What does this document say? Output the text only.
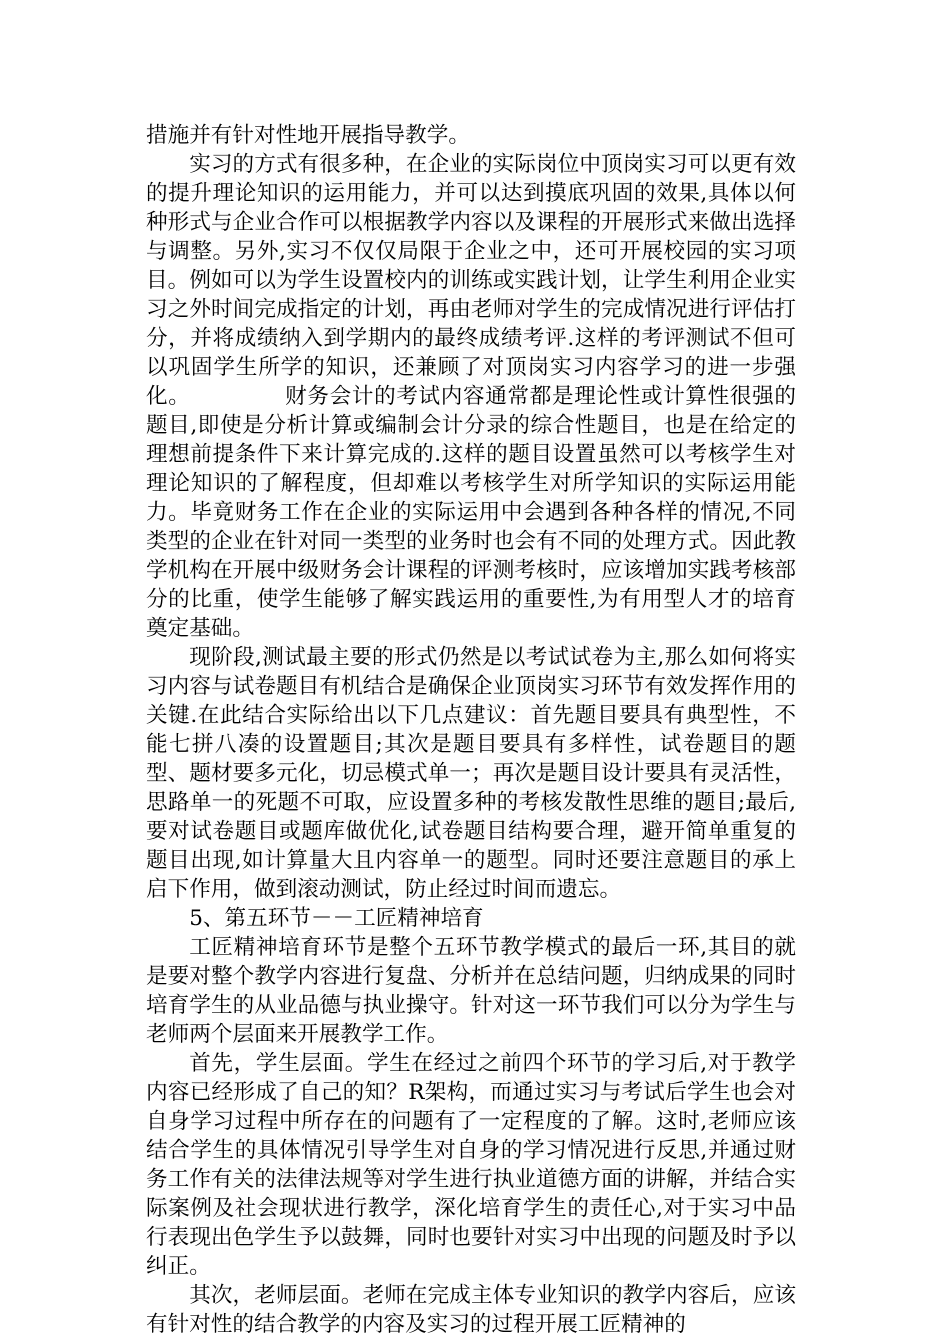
措施并有针对性地开展指导教学。

实习的方式有很多种，在企业的实际岗位中顶岗实习可以更有效的提升理论知识的运用能力，并可以达到摸底巩固的效果,具体以何种形式与企业合作可以根据教学内容以及课程的开展形式来做出选择与调整。另外,实习不仅仅局限于企业之中，还可开展校园的实习项目。例如可以为学生设置校内的训练或实践计划，让学生利用企业实习之外时间完成指定的计划，再由老师对学生的完成情况进行评估打分，并将成绩纳入到学期内的最终成绩考评.这样的考评测试不但可以巩固学生所学的知识，还兼顾了对顶岗实习内容学习的进一步强化。	财务会计的考试内容通常都是理论性或计算性很强的题目,即使是分析计算或编制会计分录的综合性题目，也是在给定的理想前提条件下来计算完成的.这样的题目设置虽然可以考核学生对理论知识的了解程度，但却难以考核学生对所学知识的实际运用能力。毕竟财务工作在企业的实际运用中会遇到各种各样的情况,不同类型的企业在针对同一类型的业务时也会有不同的处理方式。因此教学机构在开展中级财务会计课程的评测考核时，应该增加实践考核部分的比重，使学生能够了解实践运用的重要性,为有用型人才的培育奠定基础。

现阶段,测试最主要的形式仍然是以考试试卷为主,那么如何将实习内容与试卷题目有机结合是确保企业顶岗实习环节有效发挥作用的关键.在此结合实际给出以下几点建议：首先题目要具有典型性，不能七拼八凑的设置题目;其次是题目要具有多样性，试卷题目的题型、题材要多元化，切忌模式单一；再次是题目设计要具有灵活性，思路单一的死题不可取，应设置多种的考核发散性思维的题目;最后,要对试卷题目或题库做优化,试卷题目结构要合理，避开简单重复的题目出现,如计算量大且内容单一的题型。同时还要注意题目的承上启下作用，做到滚动测试，防止经过时间而遗忘。

5、第五环节－－工匠精神培育

工匠精神培育环节是整个五环节教学模式的最后一环,其目的就是要对整个教学内容进行复盘、分析并在总结问题，归纳成果的同时培育学生的从业品德与执业操守。针对这一环节我们可以分为学生与老师两个层面来开展教学工作。

首先，学生层面。学生在经过之前四个环节的学习后,对于教学内容已经形成了自己的知？R架构，而通过实习与考试后学生也会对自身学习过程中所存在的问题有了一定程度的了解。这时,老师应该结合学生的具体情况引导学生对自身的学习情况进行反思,并通过财务工作有关的法律法规等对学生进行执业道德方面的讲解，并结合实际案例及社会现状进行教学，深化培育学生的责任心,对于实习中品行表现出色学生予以鼓舞，同时也要针对实习中出现的问题及时予以纠正。

其次，老师层面。老师在完成主体专业知识的教学内容后，应该有针对性的结合教学的内容及实习的过程开展工匠精神的
